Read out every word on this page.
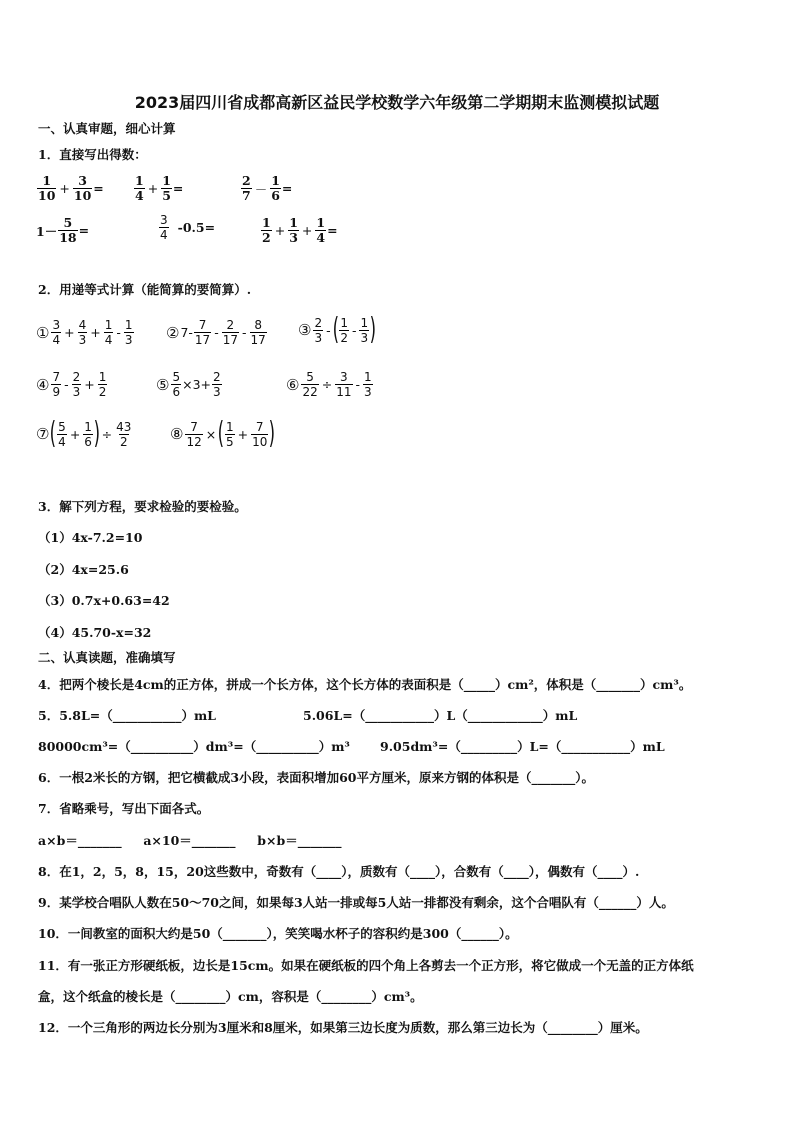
2023届四川省成都高新区益民学校数学六年级第二学期期末监测模拟试题
一、认真审题，细心计算
1．直接写出得数：
1
$10 + \frac{3}{10}$ =
1
$4 + \frac{1}{5}$ =
2
$7 - \frac{1}{6}$ =
$1- \frac{5}{18}$ =
3
4 -0.5=	1
$2 + \frac{1}{3} + \frac{1}{4}$ =
2．用递等式计算（能简算的要简算）.
① 3
$4 + \frac{4}{3} + \frac{1}{4} - 1$
3 ② 7- 7
17 - 2
17 - 8
17
③ 2
3 - ( 1
2 - 1
3 )
④ 7
9 - 2
$3 + \frac{1}{2}$	⑤ $\frac{5}{6} \times 3+ \frac{2}{3}$	⑥ $\frac{5}{22} \div \frac{3}{11} - 1$
3
⑦ ( 5
$4 + \frac{1}{6}$ ) ÷ $\frac{43}{2}$	⑧ $\frac{7}{12}$ × ( 1
$5 + \frac{7}{10}$ )
3．解下列方程，要求检验的要检验。
（1）4x-7.2=10
（2）4x=25.6
（3）0.7x+0.63=42
（4）45.70-x=32
二、认真读题，准确填写
4．把两个棱长是4cm的正方体，拼成一个长方体，这个长方体的表面积是（_____）cm²，体积是（_______）cm³。
5．5.8L=（___________）mL	5.06L=（___________）L（____________）mL
80000cm³=（__________）dm³=（__________）m³ 9.05dm³=（_________）L=（___________）mL
6．一根2米长的方钢，把它横截成3小段，表面积增加60平方厘米，原来方钢的体积是（_______）。
7．省略乘号，写出下面各式。
a×b＝_______     a×10＝_______     b×b＝_______
8．在1，2，5，8，15，20这些数中，奇数有（____），质数有（____），合数有（____），偶数有（____）.
9．某学校合唱队人数在50～70之间，如果每3人站一排或每5人站一排都没有剩余，这个合唱队有（______）人。
10．一间教室的面积大约是50（_______），笑笑喝水杯子的容积约是300（______）。
11．有一张正方形硬纸板，边长是15cm。如果在硬纸板的四个角上各剪去一个正方形，将它做成一个无盖的正方体纸
盒，这个纸盒的棱长是（________）cm，容积是（________）cm³。
12．一个三角形的两边长分别为3厘米和8厘米，如果第三边长度为质数，那么第三边长为（________）厘米。
